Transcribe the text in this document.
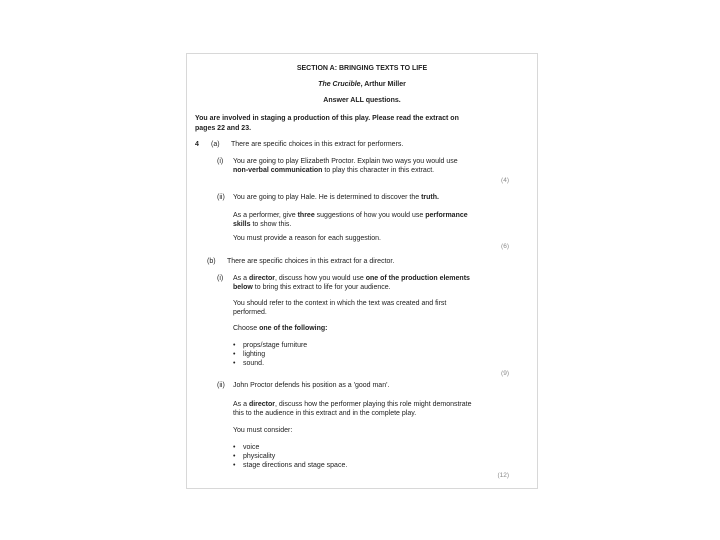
SECTION A: BRINGING TEXTS TO LIFE
The Crucible, Arthur Miller
Answer ALL questions.
You are involved in staging a production of this play. Please read the extract on
pages 22 and 23.
4 (a) There are specific choices in this extract for performers.
(i) You are going to play Elizabeth Proctor. Explain two ways you would use
non-verbal communication to play this character in this extract.
(4)
(ii) You are going to play Hale. He is determined to discover the truth.
As a performer, give three suggestions of how you would use performance
skills to show this.
You must provide a reason for each suggestion.
(6)
(b) There are specific choices in this extract for a director.
(i) As a director, discuss how you would use one of the production elements
below to bring this extract to life for your audience.
You should refer to the context in which the text was created and first
performed.
Choose one of the following:
• props/stage furniture
• lighting
• sound.
(9)
(ii) John Proctor defends his position as a 'good man'.
As a director, discuss how the performer playing this role might demonstrate
this to the audience in this extract and in the complete play.
You must consider:
• voice
• physicality
• stage directions and stage space.
(12)
